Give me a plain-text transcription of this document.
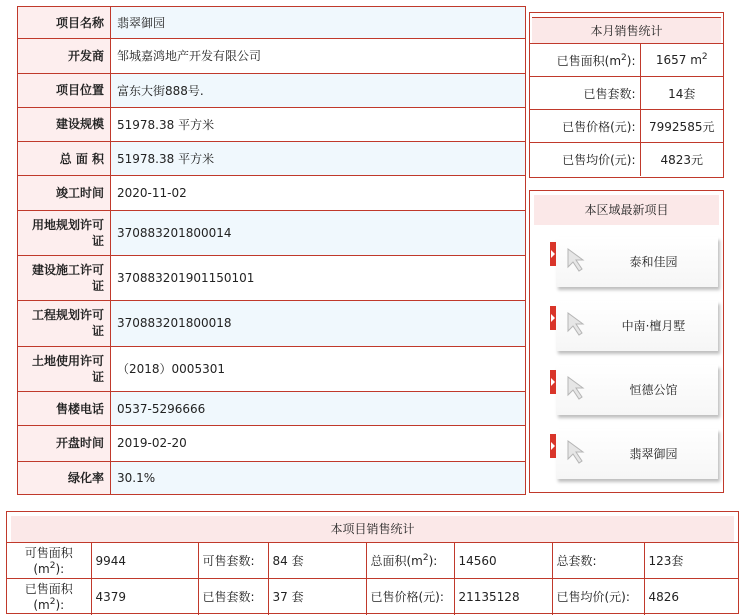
项目名称	翡翠御园
开发商	邹城嘉鸿地产开发有限公司
项目位置	富东大街888号.
建设规模	51978.38 平方米
总 面 积	51978.38 平方米
竣工时间	2020-11-02
用地规划许可证	370883201800014
建设施工许可证	370883201901150101
工程规划许可证	370883201800018
土地使用许可证	（2018）0005301
售楼电话	0537-5296666
开盘时间	2019-02-20
绿化率	30.1%
本月销售统计
已售面积$(m^2)$:	1657 $m^2$
已售套数:	14套
已售价格(元):	7992585元
已售均价(元):	4823元
本区域最新项目
泰和佳园
中南·檀月墅
恒德公馆
翡翠御园
本项目销售统计
可售面积$(m^2)$:	9944	可售套数:	84 套	总面积$(m^2)$:	14560	总套数:	123套
已售面积$(m^2)$:	4379	已售套数:	37 套	已售价格(元):	21135128	已售均价(元):	4826
